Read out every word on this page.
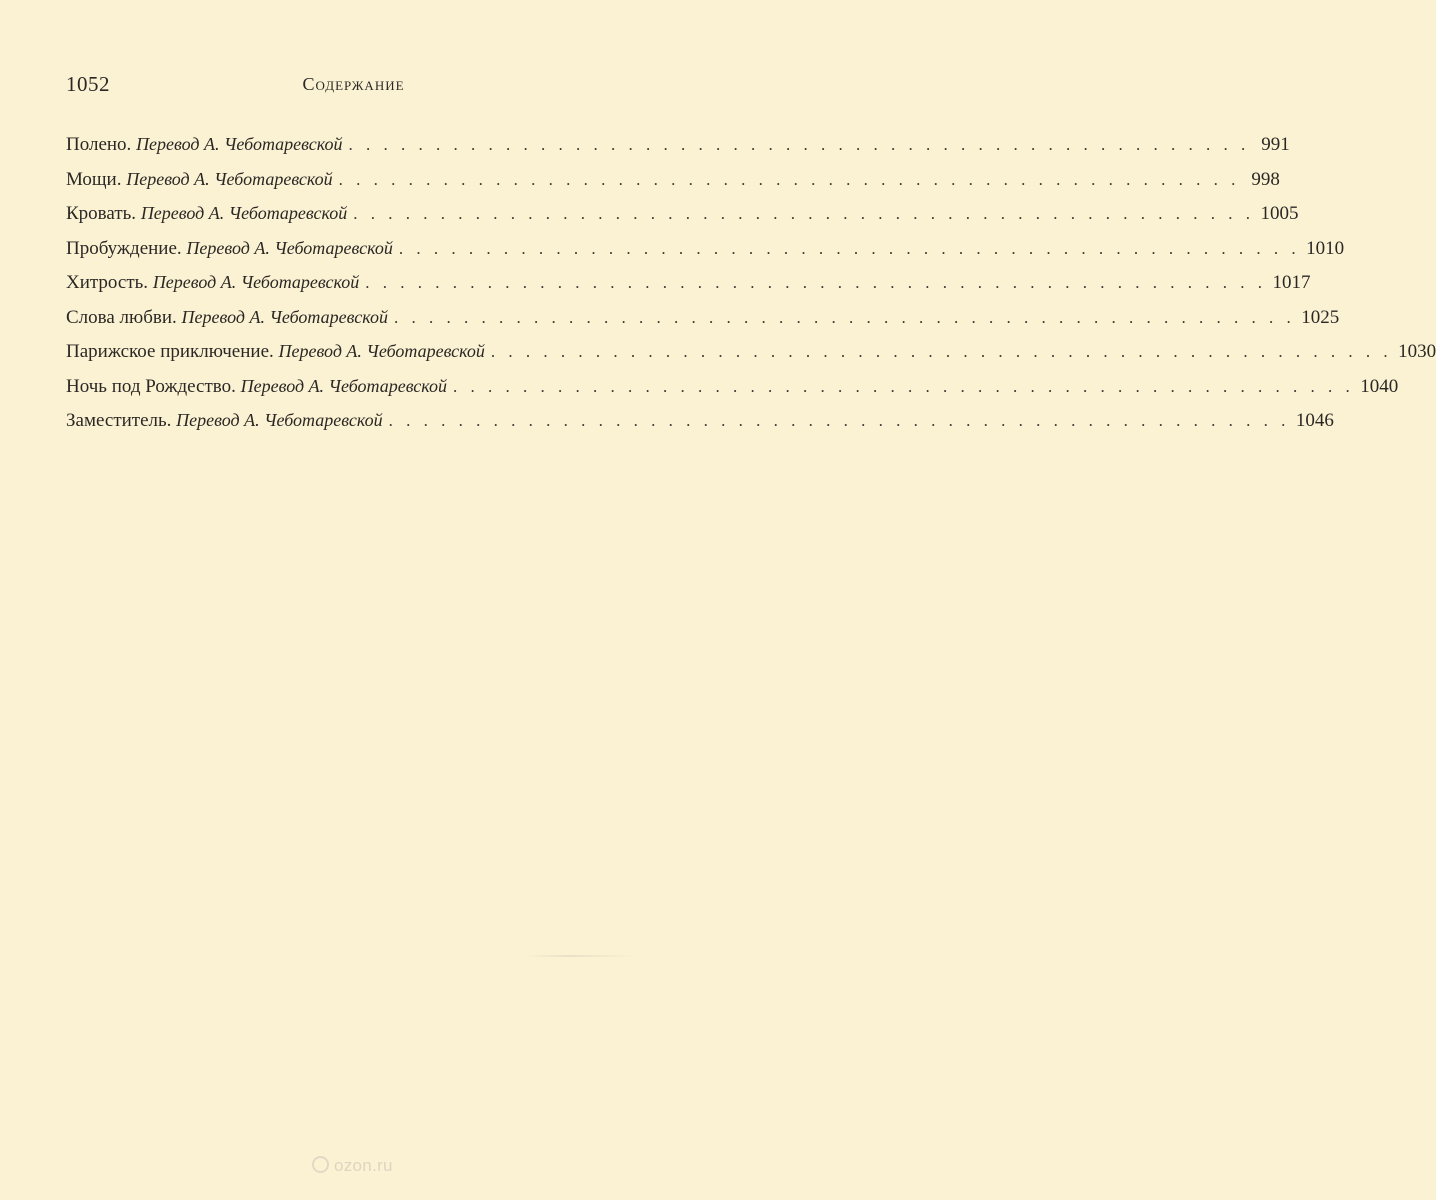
1052	Содержание
Полено.
Перевод А. Чеботаревской . . . . . . . . . . . . . . . . . . . . . . . . . . . . . . . . . . . . . . . . . . . . . . . . . . . . 991
Мощи.
Перевод А. Чеботаревской . . . . . . . . . . . . . . . . . . . . . . . . . . . . . . . . . . . . . . . . . . . . . . . . . . . . 998
Кровать.
Перевод А. Чеботаревской . . . . . . . . . . . . . . . . . . . . . . . . . . . . . . . . . . . . . . . . . . . . . . . . . . . . 1005
Пробуждение.
Перевод А. Чеботаревской . . . . . . . . . . . . . . . . . . . . . . . . . . . . . . . . . . . . . . . . . . . . . . . . . . . . 1010
Хитрость.
Перевод А. Чеботаревской . . . . . . . . . . . . . . . . . . . . . . . . . . . . . . . . . . . . . . . . . . . . . . . . . . . . 1017
Слова любви.
Перевод А. Чеботаревской . . . . . . . . . . . . . . . . . . . . . . . . . . . . . . . . . . . . . . . . . . . . . . . . . . . . 1025
Парижское приключение.
Перевод А. Чеботаревской . . . . . . . . . . . . . . . . . . . . . . . . . . . . . . . . . . . . . . . . . . . . . . . . . . . . 1030
Ночь под Рождество.
Перевод А. Чеботаревской . . . . . . . . . . . . . . . . . . . . . . . . . . . . . . . . . . . . . . . . . . . . . . . . . . . . 1040
Заместитель.
Перевод А. Чеботаревской . . . . . . . . . . . . . . . . . . . . . . . . . . . . . . . . . . . . . . . . . . . . . . . . . . . . 1046
ozon.ru
